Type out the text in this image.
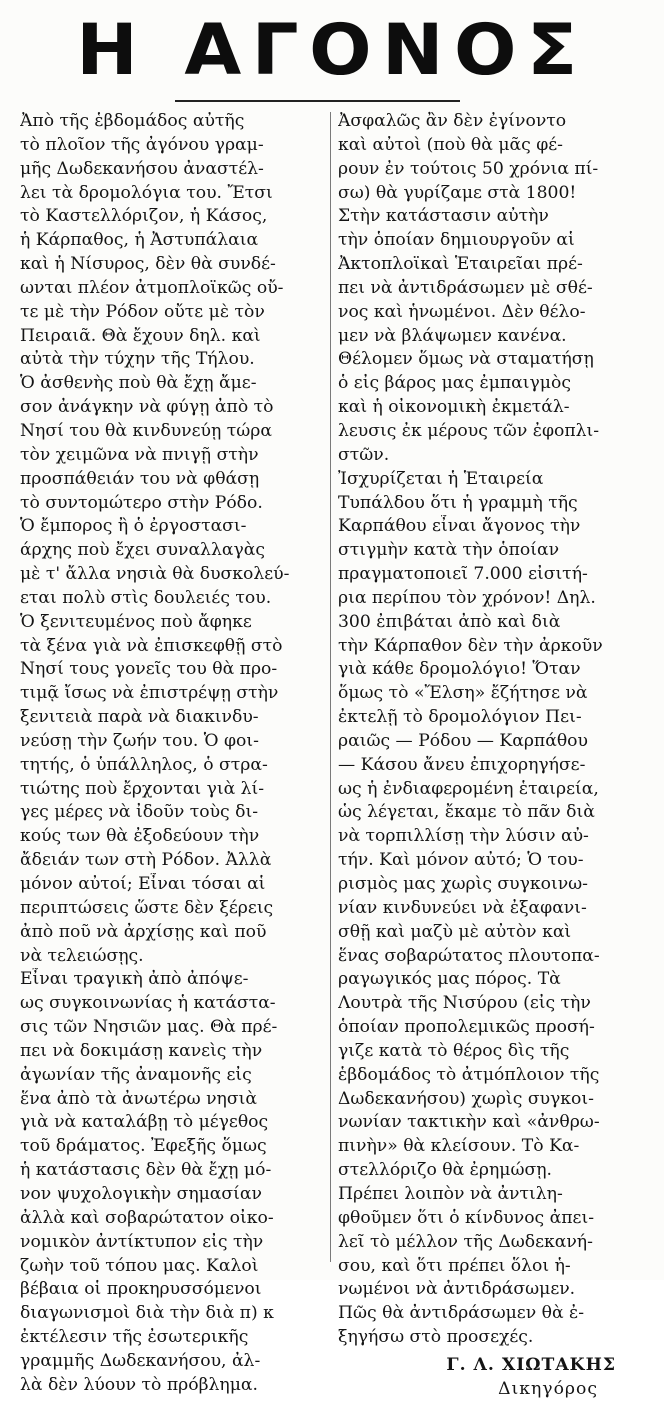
Η ΑΓΟΝΟΣ
Ἀπὸ τῆς ἑβδομάδος αὐτῆς
τὸ πλοῖον τῆς ἀγόνου γραμ-
μῆς Δωδεκανήσου ἀναστέλ-
λει τὰ δρομολόγια του. Ἔτσι
τὸ Καστελλόριζον, ἡ Κάσος,
ἡ Κάρπαθος, ἡ Ἀστυπάλαια
καὶ ἡ Νίσυρος, δὲν θὰ συνδέ-
ωνται πλέον ἀτμοπλοϊκῶς οὔ-
τε μὲ τὴν Ρόδον οὔτε μὲ τὸν
Πειραιᾶ. Θὰ ἔχουν δηλ. καὶ
αὐτὰ τὴν τύχην τῆς Τήλου.
Ὁ ἀσθενὴς ποὺ θὰ ἔχῃ ἄμε-
σον ἀνάγκην νὰ φύγῃ ἀπὸ τὸ
Νησί του θὰ κινδυνεύῃ τώρα
τὸν χειμῶνα νὰ πνιγῇ στὴν
προσπάθειάν του νὰ φθάσῃ
τὸ συντομώτερο στὴν Ρόδο.
Ὁ ἔμπορος ἢ ὁ ἐργοστασι-
άρχης ποὺ ἔχει συναλλαγὰς
μὲ τ' ἄλλα νησιὰ θὰ δυσκολεύ-
εται πολὺ στὶς δουλειές του.
Ὁ ξενιτευμένος ποὺ ἄφηκε
τὰ ξένα γιὰ νὰ ἐπισκεφθῇ στὸ
Νησί τους γονεῖς του θὰ προ-
τιμᾷ ἴσως νὰ ἐπιστρέψῃ στὴν
ξενιτειὰ παρὰ νὰ διακινδυ-
νεύσῃ τὴν ζωήν του. Ὁ φοι-
τητής, ὁ ὑπάλληλος, ὁ στρα-
τιώτης ποὺ ἔρχονται γιὰ λί-
γες μέρες νὰ ἰδοῦν τοὺς δι-
κούς των θὰ ἐξοδεύουν τὴν
ἄδειάν των στὴ Ρόδον. Ἀλλὰ
μόνον αὐτοί; Εἶναι τόσαι αἱ
περιπτώσεις ὥστε δὲν ξέρεις
ἀπὸ ποῦ νὰ ἀρχίσῃς καὶ ποῦ
νὰ τελειώσῃς.
Εἶναι τραγικὴ ἀπὸ ἀπόψε-
ως συγκοινωνίας ἡ κατάστα-
σις τῶν Νησιῶν μας. Θὰ πρέ-
πει νὰ δοκιμάσῃ κανεὶς τὴν
ἀγωνίαν τῆς ἀναμονῆς εἰς
ἕνα ἀπὸ τὰ ἀνωτέρω νησιὰ
γιὰ νὰ καταλάβῃ τὸ μέγεθος
τοῦ δράματος. Ἐφεξῆς ὅμως
ἡ κατάστασις δὲν θὰ ἔχῃ μό-
νον ψυχολογικὴν σημασίαν
ἀλλὰ καὶ σοβαρώτατον οἰκο-
νομικὸν ἀντίκτυπον εἰς τὴν
ζωὴν τοῦ τόπου μας. Καλοὶ
βέβαια οἱ προκηρυσσόμενοι
διαγωνισμοὶ διὰ τὴν διὰ π) κ
ἐκτέλεσιν τῆς ἐσωτερικῆς
γραμμῆς Δωδεκανήσου, ἀλ-
λὰ δὲν λύουν τὸ πρόβλημα.
Ἀσφαλῶς ἂν δὲν ἐγίνοντο
καὶ αὐτοὶ (ποὺ θὰ μᾶς φέ-
ρουν ἐν τούτοις 50 χρόνια πί-
σω) θὰ γυρίζαμε στὰ 1800!
Στὴν κατάστασιν αὐτὴν
τὴν ὁποίαν δημιουργοῦν αἱ
Ἀκτοπλοϊκαὶ Ἑταιρεῖαι πρέ-
πει νὰ ἀντιδράσωμεν μὲ σθέ-
νος καὶ ἡνωμένοι. Δὲν θέλο-
μεν νὰ βλάψωμεν κανένα.
Θέλομεν ὅμως νὰ σταματήσῃ
ὁ εἰς βάρος μας ἐμπαιγμὸς
καὶ ἡ οἰκονομικὴ ἐκμετάλ-
λευσις ἐκ μέρους τῶν ἐφοπλι-
στῶν.
Ἰσχυρίζεται ἡ Ἑταιρεία
Τυπάλδου ὅτι ἡ γραμμὴ τῆς
Καρπάθου εἶναι ἄγονος τὴν
στιγμὴν κατὰ τὴν ὁποίαν
πραγματοποιεῖ 7.000 εἰσιτή-
ρια περίπου τὸν χρόνον! Δηλ.
300 ἐπιβάται ἀπὸ καὶ διὰ
τὴν Κάρπαθον δὲν τὴν ἀρκοῦν
γιὰ κάθε δρομολόγιο! Ὅταν
ὅμως τὸ «Ἔλση» ἔζήτησε νὰ
ἐκτελῇ τὸ δρομολόγιον Πει-
ραιῶς — Ρόδου — Καρπάθου
— Κάσου ἄνευ ἐπιχορηγήσε-
ως ἡ ἐνδιαφερομένη ἑταιρεία,
ὡς λέγεται, ἔκαμε τὸ πᾶν διὰ
νὰ τορπιλλίσῃ τὴν λύσιν αὐ-
τήν. Καὶ μόνον αὐτό; Ὁ του-
ρισμὸς μας χωρὶς συγκοινω-
νίαν κινδυνεύει νὰ ἐξαφανι-
σθῇ καὶ μαζὺ μὲ αὐτὸν καὶ
ἕνας σοβαρώτατος πλουτοπα-
ραγωγικός μας πόρος. Τὰ
Λουτρὰ τῆς Νισύρου (εἰς τὴν
ὁποίαν προπολεμικῶς προσή-
γιζε κατὰ τὸ θέρος δὶς τῆς
ἑβδομάδος τὸ ἀτμόπλοιον τῆς
Δωδεκανήσου) χωρὶς συγκοι-
νωνίαν τακτικὴν καὶ «ἀνθρω-
πινὴν» θὰ κλείσουν. Τὸ Κα-
στελλόριζο θὰ ἐρημώσῃ.
Πρέπει λοιπὸν νὰ ἀντιλη-
φθοῦμεν ὅτι ὁ κίνδυνος ἀπει-
λεῖ τὸ μέλλον τῆς Δωδεκανή-
σου, καὶ ὅτι πρέπει ὅλοι ἡ-
νωμένοι νὰ ἀντιδράσωμεν.
Πῶς θὰ ἀντιδράσωμεν θὰ ἐ-
ξηγήσω στὸ προσεχές.
Γ. Λ. ΧΙΩΤΑΚΗΣ
Δικηγόρος
